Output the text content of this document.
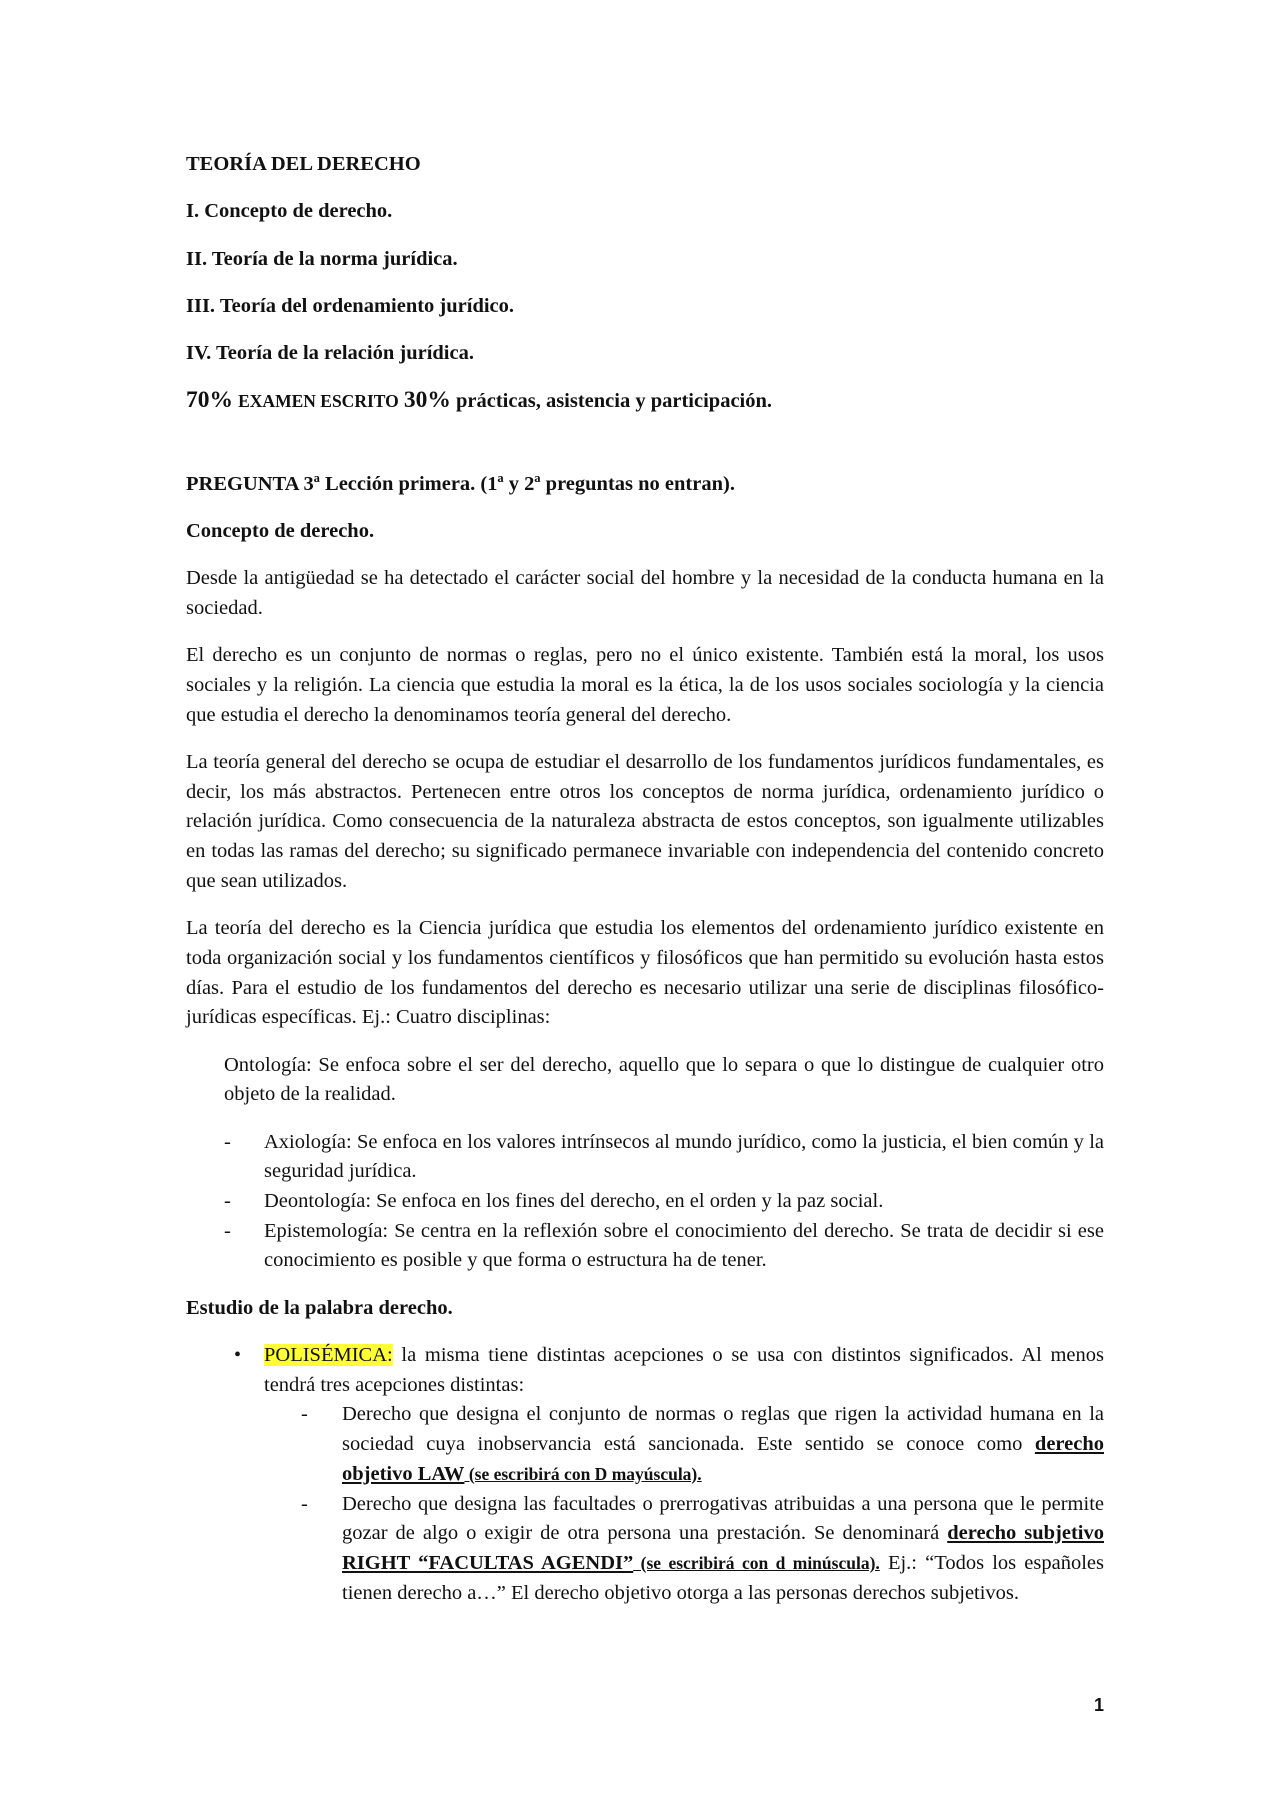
TEORÍA DEL DERECHO

I. Concepto de derecho.

II. Teoría de la norma jurídica.

III. Teoría del ordenamiento jurídico.

IV. Teoría de la relación jurídica.

70% EXAMEN ESCRITO 30% prácticas, asistencia y participación.

PREGUNTA 3ª Lección primera. (1ª y 2ª preguntas no entran).

Concepto de derecho.

Desde la antigüedad se ha detectado el carácter social del hombre y la necesidad de la conducta humana en la sociedad.

El derecho es un conjunto de normas o reglas, pero no el único existente. También está la moral, los usos sociales y la religión. La ciencia que estudia la moral es la ética, la de los usos sociales sociología y la ciencia que estudia el derecho la denominamos teoría general del derecho.

La teoría general del derecho se ocupa de estudiar el desarrollo de los fundamentos jurídicos fundamentales, es decir, los más abstractos. Pertenecen entre otros los conceptos de norma jurídica, ordenamiento jurídico o relación jurídica. Como consecuencia de la naturaleza abstracta de estos conceptos, son igualmente utilizables en todas las ramas del derecho; su significado permanece invariable con independencia del contenido concreto que sean utilizados.

La teoría del derecho es la Ciencia jurídica que estudia los elementos del ordenamiento jurídico existente en toda organización social y los fundamentos científicos y filosóficos que han permitido su evolución hasta estos días. Para el estudio de los fundamentos del derecho es necesario utilizar una serie de disciplinas filosófico-jurídicas específicas. Ej.: Cuatro disciplinas:

Ontología: Se enfoca sobre el ser del derecho, aquello que lo separa o que lo distingue de cualquier otro objeto de la realidad.

- Axiología: Se enfoca en los valores intrínsecos al mundo jurídico, como la justicia, el bien común y la seguridad jurídica.

- Deontología: Se enfoca en los fines del derecho, en el orden y la paz social.

- Epistemología: Se centra en la reflexión sobre el conocimiento del derecho. Se trata de decidir si ese conocimiento es posible y que forma o estructura ha de tener.

Estudio de la palabra derecho.

• POLISÉMICA: la misma tiene distintas acepciones o se usa con distintos significados. Al menos tendrá tres acepciones distintas:

- Derecho que designa el conjunto de normas o reglas que rigen la actividad humana en la sociedad cuya inobservancia está sancionada. Este sentido se conoce como derecho objetivo LAW (se escribirá con D mayúscula).

- Derecho que designa las facultades o prerrogativas atribuidas a una persona que le permite gozar de algo o exigir de otra persona una prestación. Se denominará derecho subjetivo RIGHT “FACULTAS AGENDI” (se escribirá con d minúscula). Ej.: “Todos los españoles tienen derecho a…” El derecho objetivo otorga a las personas derechos subjetivos.

1
